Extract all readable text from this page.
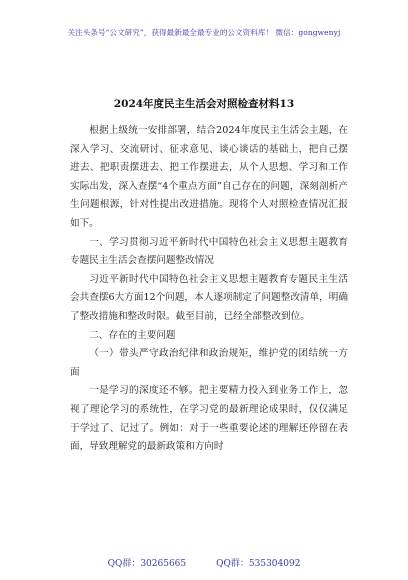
关注头条号“公文研究”，获得最新最全最专业的公文资料库！ 微信：gongwenyj
2024年度民主生活会对照检查材料13

根据上级统一安排部署，结合2024年度民主生活会主题，在深入学习、交流研讨、征求意见、谈心谈话的基础上，把自己摆进去、把职责摆进去、把工作摆进去，从个人思想、学习和工作实际出发，深入查摆“4个重点方面”自己存在的问题，深刻剖析产生问题根源，针对性提出改进措施。现将个人对照检查情况汇报如下。

一、学习贯彻习近平新时代中国特色社会主义思想主题教育专题民主生活会查摆问题整改情况

习近平新时代中国特色社会主义思想主题教育专题民主生活会共查摆6大方面12个问题，本人逐项制定了问题整改清单，明确了整改措施和整改时限。截至目前，已经全部整改到位。

二、存在的主要问题

（一）带头严守政治纪律和政治规矩，维护党的团结统一方面

一是学习的深度还不够。把主要精力投入到业务工作上，忽视了理论学习的系统性，在学习党的最新理论成果时，仅仅满足于学过了、记过了。例如：对于一些重要论述的理解还停留在表面，导致理解党的最新政策和方向时

QQ群：30265665	QQ群：535304092
